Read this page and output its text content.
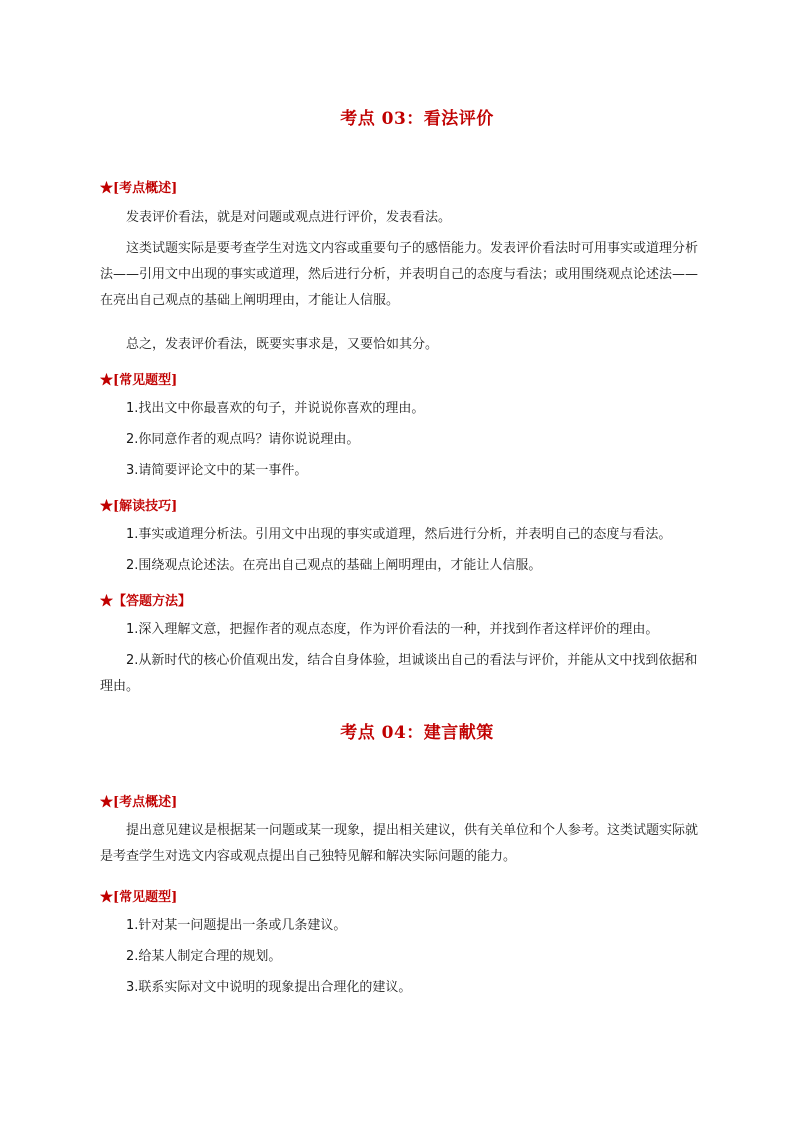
考点 03：看法评价
★[考点概述]
发表评价看法，就是对问题或观点进行评价，发表看法。
这类试题实际是要考查学生对选文内容或重要句子的感悟能力。发表评价看法时可用事实或道理分析法——引用文中出现的事实或道理，然后进行分析，并表明自己的态度与看法；或用围绕观点论述法——在亮出自己观点的基础上阐明理由，才能让人信服。
总之，发表评价看法，既要实事求是，又要恰如其分。
★[常见题型]
1.找出文中你最喜欢的句子，并说说你喜欢的理由。
2.你同意作者的观点吗？请你说说理由。
3.请简要评论文中的某一事件。
★[解读技巧]
1.事实或道理分析法。引用文中出现的事实或道理，然后进行分析，并表明自己的态度与看法。
2.围绕观点论述法。在亮出自己观点的基础上阐明理由，才能让人信服。
★【答题方法】
1.深入理解文意，把握作者的观点态度，作为评价看法的一种，并找到作者这样评价的理由。
2.从新时代的核心价值观出发，结合自身体验，坦诚谈出自己的看法与评价，并能从文中找到依据和理由。
考点 04：建言献策
★[考点概述]
提出意见建议是根据某一问题或某一现象，提出相关建议，供有关单位和个人参考。这类试题实际就是考查学生对选文内容或观点提出自己独特见解和解决实际问题的能力。
★[常见题型]
1.针对某一问题提出一条或几条建议。
2.给某人制定合理的规划。
3.联系实际对文中说明的现象提出合理化的建议。
